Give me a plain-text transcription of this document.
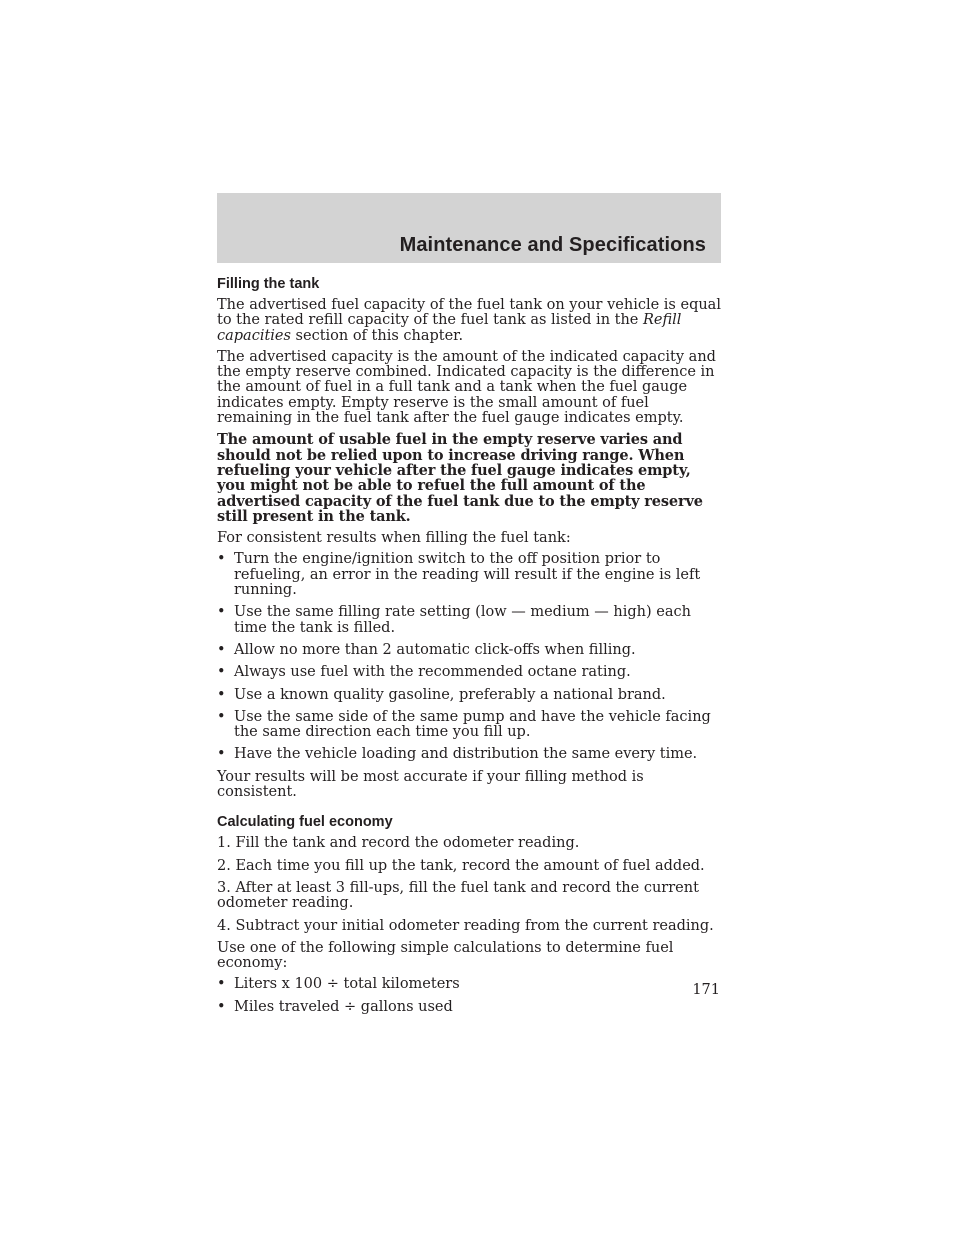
Maintenance and Specifications
Filling the tank

The advertised fuel capacity of the fuel tank on your vehicle is equal to the rated refill capacity of the fuel tank as listed in the Refill capacities section of this chapter.

The advertised capacity is the amount of the indicated capacity and the empty reserve combined. Indicated capacity is the difference in the amount of fuel in a full tank and a tank when the fuel gauge indicates empty. Empty reserve is the small amount of fuel remaining in the fuel tank after the fuel gauge indicates empty.

The amount of usable fuel in the empty reserve varies and should not be relied upon to increase driving range. When refueling your vehicle after the fuel gauge indicates empty, you might not be able to refuel the full amount of the advertised capacity of the fuel tank due to the empty reserve still present in the tank.

For consistent results when filling the fuel tank:

• Turn the engine/ignition switch to the off position prior to refueling, an error in the reading will result if the engine is left running.
• Use the same filling rate setting (low — medium — high) each time the tank is filled.
• Allow no more than 2 automatic click-offs when filling.
• Always use fuel with the recommended octane rating.
• Use a known quality gasoline, preferably a national brand.
• Use the same side of the same pump and have the vehicle facing the same direction each time you fill up.
• Have the vehicle loading and distribution the same every time.

Your results will be most accurate if your filling method is consistent.

Calculating fuel economy
1. Fill the tank and record the odometer reading.
2. Each time you fill up the tank, record the amount of fuel added.
3. After at least 3 fill-ups, fill the fuel tank and record the current odometer reading.
4. Subtract your initial odometer reading from the current reading.

Use one of the following simple calculations to determine fuel economy:

• Liters x 100 ÷ total kilometers
• Miles traveled ÷ gallons used
171
